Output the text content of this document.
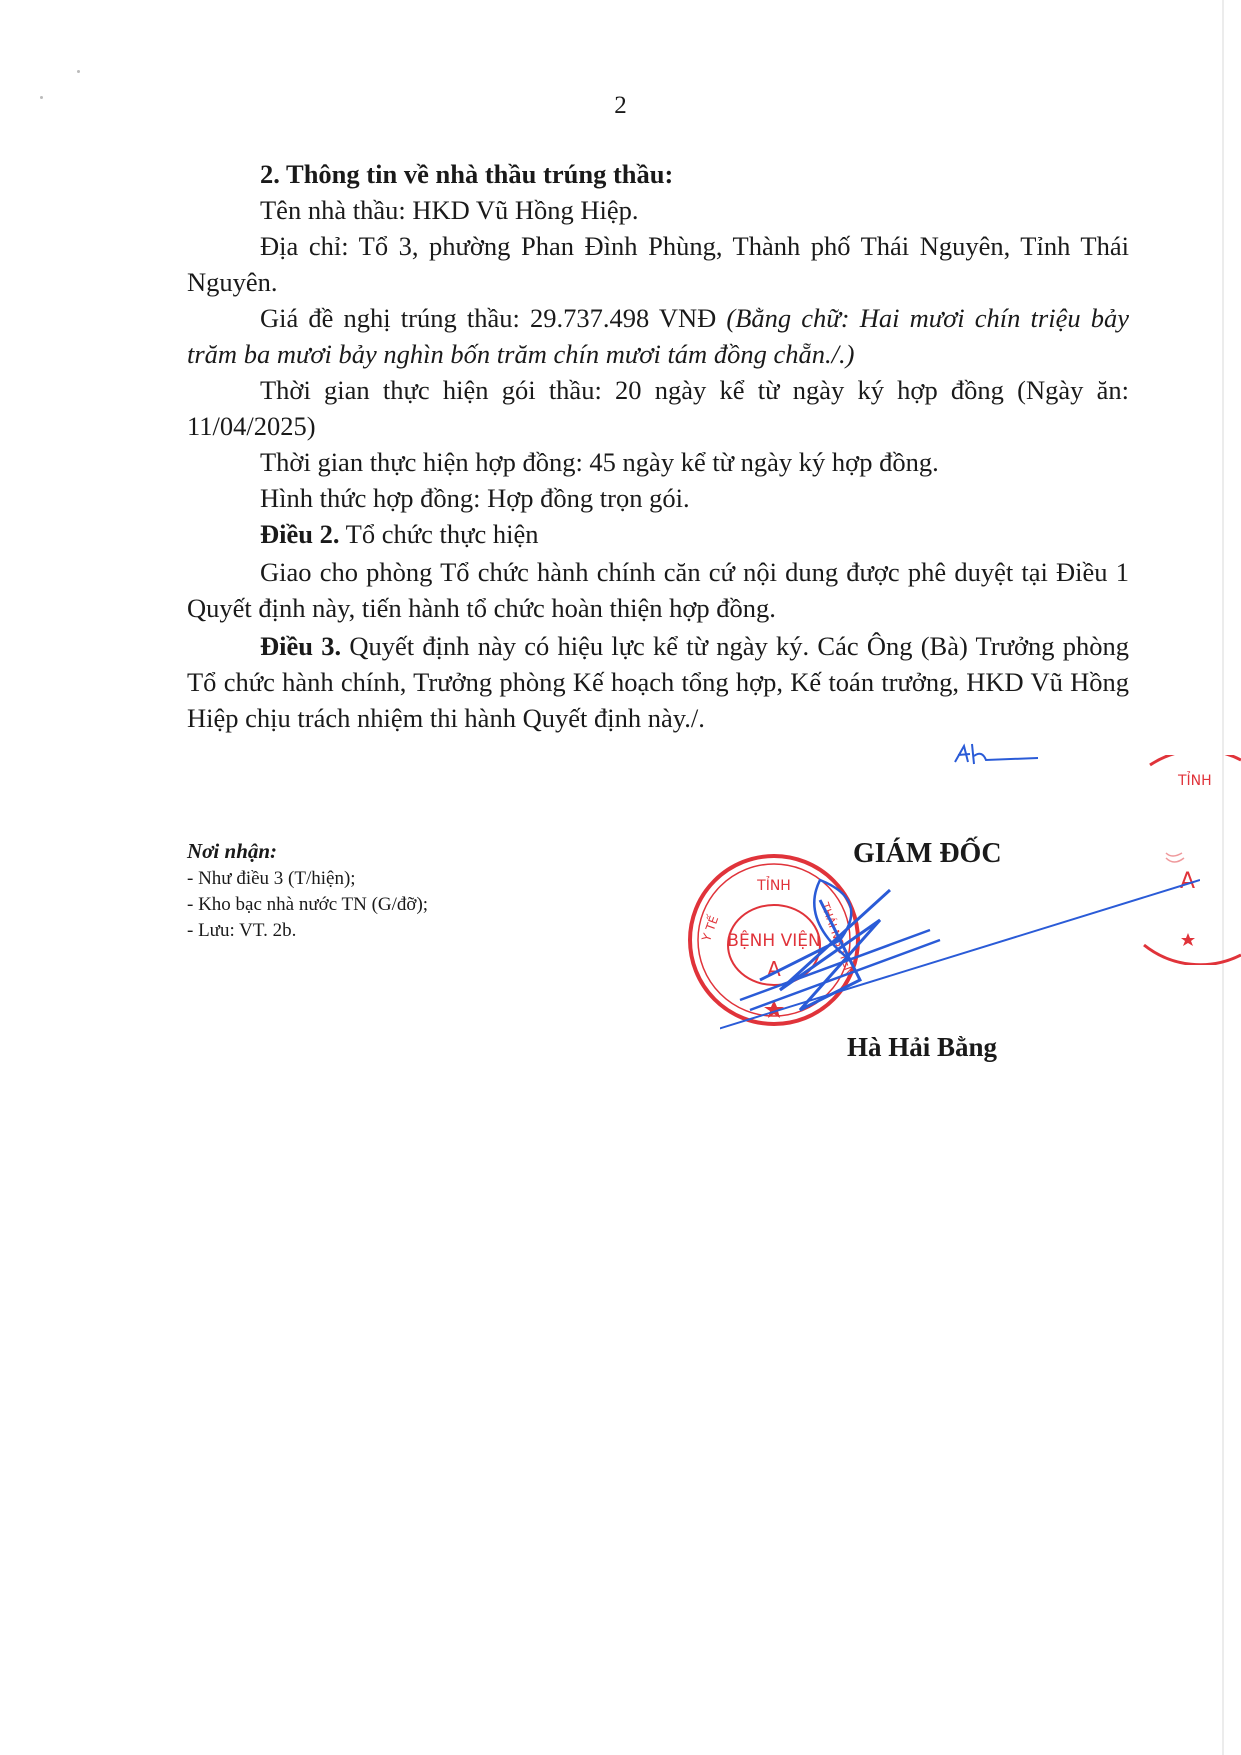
2

2. Thông tin về nhà thầu trúng thầu:

Tên nhà thầu: HKD Vũ Hồng Hiệp.

Địa chỉ: Tổ 3, phường Phan Đình Phùng, Thành phố Thái Nguyên, Tỉnh Thái Nguyên.

Giá đề nghị trúng thầu: 29.737.498 VNĐ (Bằng chữ: Hai mươi chín triệu bảy trăm ba mươi bảy nghìn bốn trăm chín mươi tám đồng chẵn./.)

Thời gian thực hiện gói thầu: 20 ngày kể từ ngày ký hợp đồng (Ngày ăn: 11/04/2025)

Thời gian thực hiện hợp đồng: 45 ngày kể từ ngày ký hợp đồng.

Hình thức hợp đồng: Hợp đồng trọn gói.

Điều 2. Tổ chức thực hiện

Giao cho phòng Tổ chức hành chính căn cứ nội dung được phê duyệt tại Điều 1 Quyết định này, tiến hành tổ chức hoàn thiện hợp đồng.

Điều 3. Quyết định này có hiệu lực kể từ ngày ký. Các Ông (Bà) Trưởng phòng Tổ chức hành chính, Trưởng phòng Kế hoạch tổng hợp, Kế toán trưởng, HKD Vũ Hồng Hiệp chịu trách nhiệm thi hành Quyết định này./.

Nơi nhận:
- Như điều 3 (T/hiện);
- Kho bạc nhà nước TN (G/đỡ);
- Lưu: VT. 2b.
GIÁM ĐỐC
Hà Hải Bằng
TỈNH
Y TẾ	THÁI NGUYÊN
BỆNH VIỆN
A
TỈNH
A
